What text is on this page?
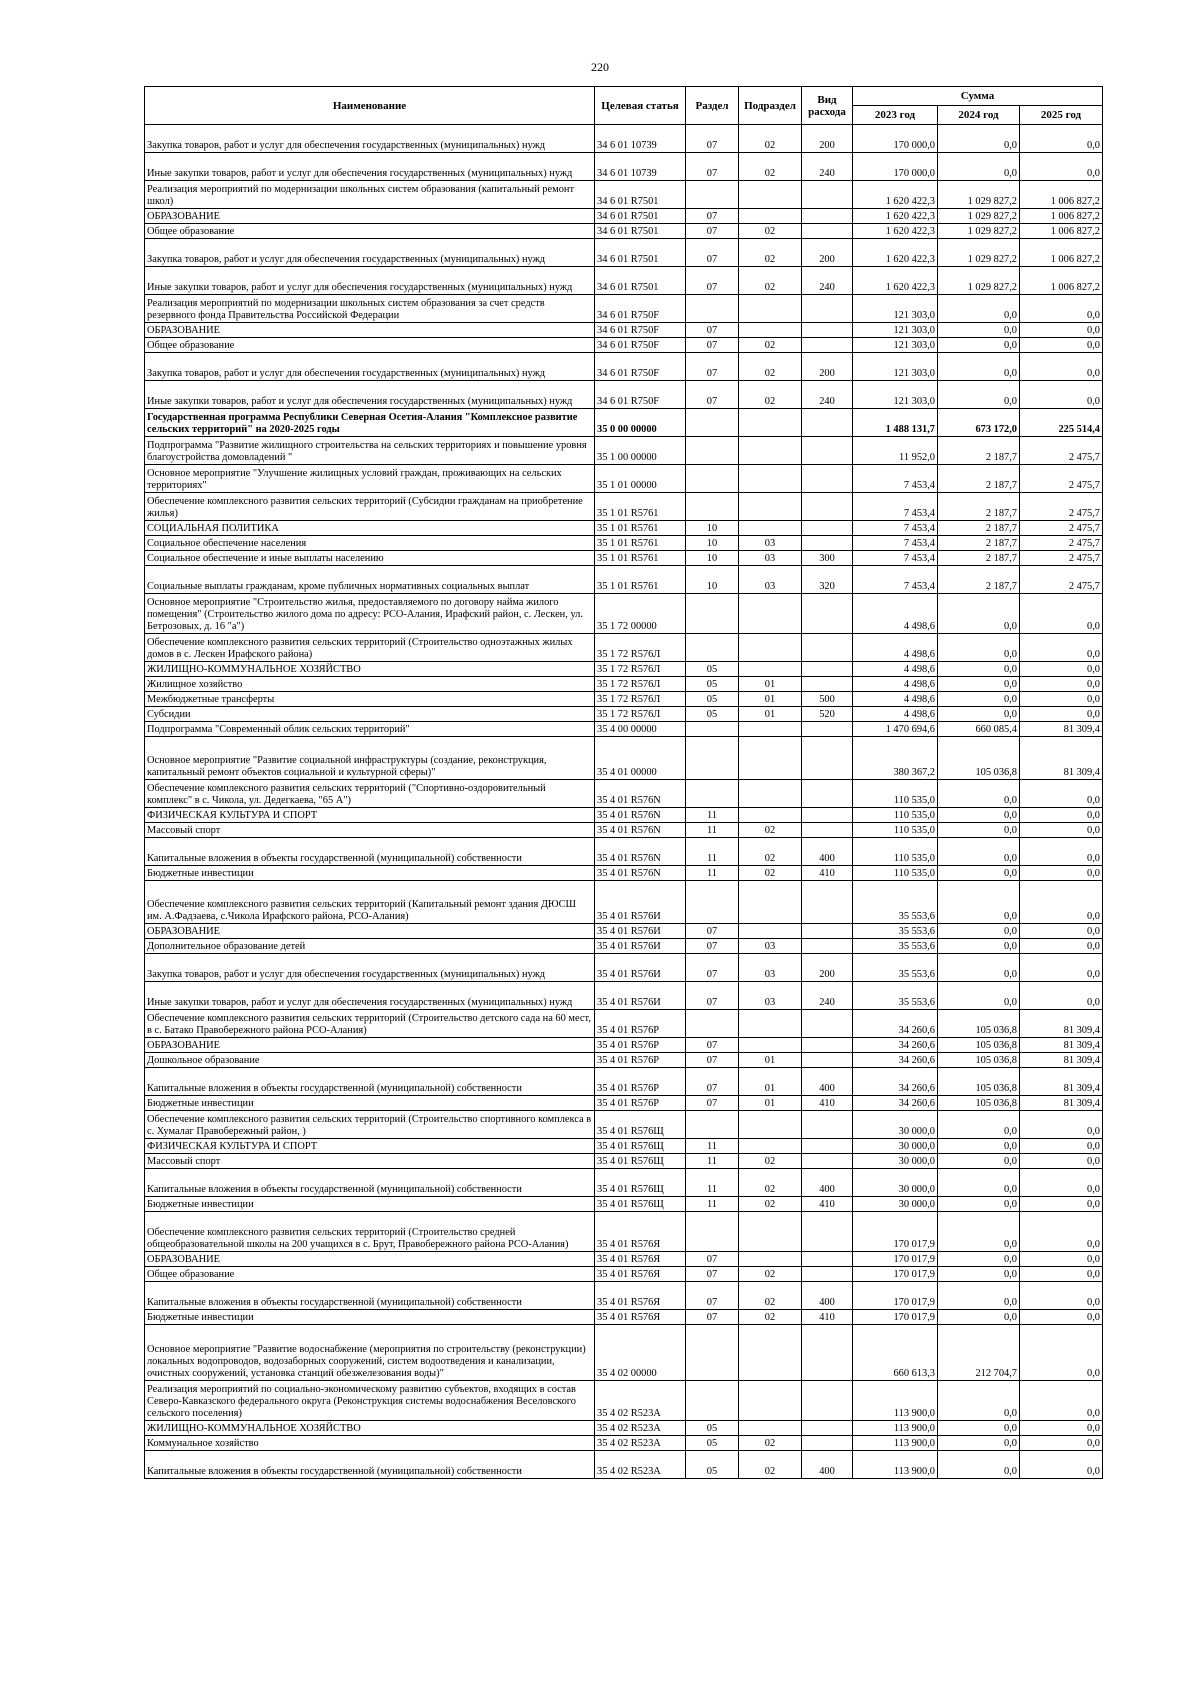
220
Наименование	Целевая статья	Раздел	Подраздел	Вид расхода	Сумма		
					2023 год	2024 год	2025 год
Закупка товаров, работ и услуг для обеспечения государственных (муниципальных) нужд	34 6 01 10739	07	02	200	170 000,0	0,0	0,0
Иные закупки товаров, работ и услуг для обеспечения государственных (муниципальных) нужд	34 6 01 10739	07	02	240	170 000,0	0,0	0,0
Реализация мероприятий по модернизации школьных систем образования (капитальный ремонт школ)	34 6 01 R7501				1 620 422,3	1 029 827,2	1 006 827,2
ОБРАЗОВАНИЕ	34 6 01 R7501	07			1 620 422,3	1 029 827,2	1 006 827,2
Общее образование	34 6 01 R7501	07	02		1 620 422,3	1 029 827,2	1 006 827,2
Закупка товаров, работ и услуг для обеспечения государственных (муниципальных) нужд	34 6 01 R7501	07	02	200	1 620 422,3	1 029 827,2	1 006 827,2
Иные закупки товаров, работ и услуг для обеспечения государственных (муниципальных) нужд	34 6 01 R7501	07	02	240	1 620 422,3	1 029 827,2	1 006 827,2
Реализация мероприятий по модернизации школьных систем образования за счет средств резервного фонда Правительства Российской Федерации	34 6 01 R750F				121 303,0	0,0	0,0
ОБРАЗОВАНИЕ	34 6 01 R750F	07			121 303,0	0,0	0,0
Общее образование	34 6 01 R750F	07	02		121 303,0	0,0	0,0
Закупка товаров, работ и услуг для обеспечения государственных (муниципальных) нужд	34 6 01 R750F	07	02	200	121 303,0	0,0	0,0
Иные закупки товаров, работ и услуг для обеспечения государственных (муниципальных) нужд	34 6 01 R750F	07	02	240	121 303,0	0,0	0,0
Государственная программа Республики Северная Осетия-Алания "Комплексное развитие сельских территорий" на 2020-2025 годы	35 0 00 00000				1 488 131,7	673 172,0	225 514,4
Подпрограмма "Развитие жилищного строительства на сельских территориях и повышение уровня благоустройства домовладений "	35 1 00 00000				11 952,0	2 187,7	2 475,7
Основное мероприятие "Улучшение жилищных условий граждан, проживающих на сельских территориях"	35 1 01 00000				7 453,4	2 187,7	2 475,7
Обеспечение комплексного развития сельских территорий (Субсидии гражданам на приобретение жилья)	35 1 01 R5761				7 453,4	2 187,7	2 475,7
СОЦИАЛЬНАЯ ПОЛИТИКА	35 1 01 R5761	10			7 453,4	2 187,7	2 475,7
Социальное обеспечение населения	35 1 01 R5761	10	03		7 453,4	2 187,7	2 475,7
Социальное обеспечение и иные выплаты населению	35 1 01 R5761	10	03	300	7 453,4	2 187,7	2 475,7
Социальные выплаты гражданам, кроме публичных нормативных социальных выплат	35 1 01 R5761	10	03	320	7 453,4	2 187,7	2 475,7
Основное мероприятие "Строительство жилья, предоставляемого по договору найма жилого помещения" (Строительство жилого дома по адресу: РСО-Алания, Ирафский район, с. Лескен, ул. Бетрозовых, д. 16 "а")	35 1 72 00000				4 498,6	0,0	0,0
Обеспечение комплексного развития сельских территорий (Строительство одноэтажных жилых домов в с. Лескен Ирафского района)	35 1 72 R576Л				4 498,6	0,0	0,0
ЖИЛИЩНО-КОММУНАЛЬНОЕ ХОЗЯЙСТВО	35 1 72 R576Л	05			4 498,6	0,0	0,0
Жилищное хозяйство	35 1 72 R576Л	05	01		4 498,6	0,0	0,0
Межбюджетные трансферты	35 1 72 R576Л	05	01	500	4 498,6	0,0	0,0
Субсидии	35 1 72 R576Л	05	01	520	4 498,6	0,0	0,0
Подпрограмма "Современный облик сельских территорий"	35 4 00 00000				1 470 694,6	660 085,4	81 309,4
Основное мероприятие "Развитие социальной инфраструктуры (создание, реконструкция, капитальный ремонт объектов социальной и культурной сферы)"	35 4 01 00000				380 367,2	105 036,8	81 309,4
Обеспечение комплексного развития сельских территорий ("Спортивно-оздоровительный комплекс" в с. Чикола, ул. Дедегкаева, "65 А")	35 4 01 R576N				110 535,0	0,0	0,0
ФИЗИЧЕСКАЯ КУЛЬТУРА И СПОРТ	35 4 01 R576N	11			110 535,0	0,0	0,0
Массовый спорт	35 4 01 R576N	11	02		110 535,0	0,0	0,0
Капитальные вложения в объекты государственной (муниципальной) собственности	35 4 01 R576N	11	02	400	110 535,0	0,0	0,0
Бюджетные инвестиции	35 4 01 R576N	11	02	410	110 535,0	0,0	0,0
Обеспечение комплексного развития сельских территорий (Капитальный ремонт здания ДЮСШ им. А.Фадзаева, с.Чикола Ирафского района, РСО-Алания)	35 4 01 R576И				35 553,6	0,0	0,0
ОБРАЗОВАНИЕ	35 4 01 R576И	07			35 553,6	0,0	0,0
Дополнительное образование детей	35 4 01 R576И	07	03		35 553,6	0,0	0,0
Закупка товаров, работ и услуг для обеспечения государственных (муниципальных) нужд	35 4 01 R576И	07	03	200	35 553,6	0,0	0,0
Иные закупки товаров, работ и услуг для обеспечения государственных (муниципальных) нужд	35 4 01 R576И	07	03	240	35 553,6	0,0	0,0
Обеспечение комплексного развития сельских территорий (Строительство детского сада на 60 мест, в с. Батако Правобережного района РСО-Алания)	35 4 01 R576P				34 260,6	105 036,8	81 309,4
ОБРАЗОВАНИЕ	35 4 01 R576P	07			34 260,6	105 036,8	81 309,4
Дошкольное образование	35 4 01 R576P	07	01		34 260,6	105 036,8	81 309,4
Капитальные вложения в объекты государственной (муниципальной) собственности	35 4 01 R576P	07	01	400	34 260,6	105 036,8	81 309,4
Бюджетные инвестиции	35 4 01 R576P	07	01	410	34 260,6	105 036,8	81 309,4
Обеспечение комплексного развития сельских территорий (Строительство спортивного комплекса в с. Хумалаг Правобережный район, )	35 4 01 R576Щ				30 000,0	0,0	0,0
ФИЗИЧЕСКАЯ КУЛЬТУРА И СПОРТ	35 4 01 R576Щ	11			30 000,0	0,0	0,0
Массовый спорт	35 4 01 R576Щ	11	02		30 000,0	0,0	0,0
Капитальные вложения в объекты государственной (муниципальной) собственности	35 4 01 R576Щ	11	02	400	30 000,0	0,0	0,0
Бюджетные инвестиции	35 4 01 R576Щ	11	02	410	30 000,0	0,0	0,0
Обеспечение комплексного развития сельских территорий (Строительство средней общеобразовательной школы на 200 учащихся в с. Брут, Правобережного района РСО-Алания)	35 4 01 R576Я				170 017,9	0,0	0,0
ОБРАЗОВАНИЕ	35 4 01 R576Я	07			170 017,9	0,0	0,0
Общее образование	35 4 01 R576Я	07	02		170 017,9	0,0	0,0
Капитальные вложения в объекты государственной (муниципальной) собственности	35 4 01 R576Я	07	02	400	170 017,9	0,0	0,0
Бюджетные инвестиции	35 4 01 R576Я	07	02	410	170 017,9	0,0	0,0
Основное мероприятие "Развитие водоснабжение (мероприятия по строительству (реконструкции) локальных водопроводов, водозаборных сооружений, систем водоотведения и канализации, очистных сооружений, установка станций обезжелезования воды)"	35 4 02 00000				660 613,3	212 704,7	0,0
Реализация мероприятий по социально-экономическому развитию субъектов, входящих в состав Северо-Кавказского федерального округа (Реконструкция системы водоснабжения Веселовского сельского поселения)	35 4 02 R523A				113 900,0	0,0	0,0
ЖИЛИЩНО-КОММУНАЛЬНОЕ ХОЗЯЙСТВО	35 4 02 R523A	05			113 900,0	0,0	0,0
Коммунальное хозяйство	35 4 02 R523A	05	02		113 900,0	0,0	0,0
Капитальные вложения в объекты государственной (муниципальной) собственности	35 4 02 R523A	05	02	400	113 900,0	0,0	0,0
